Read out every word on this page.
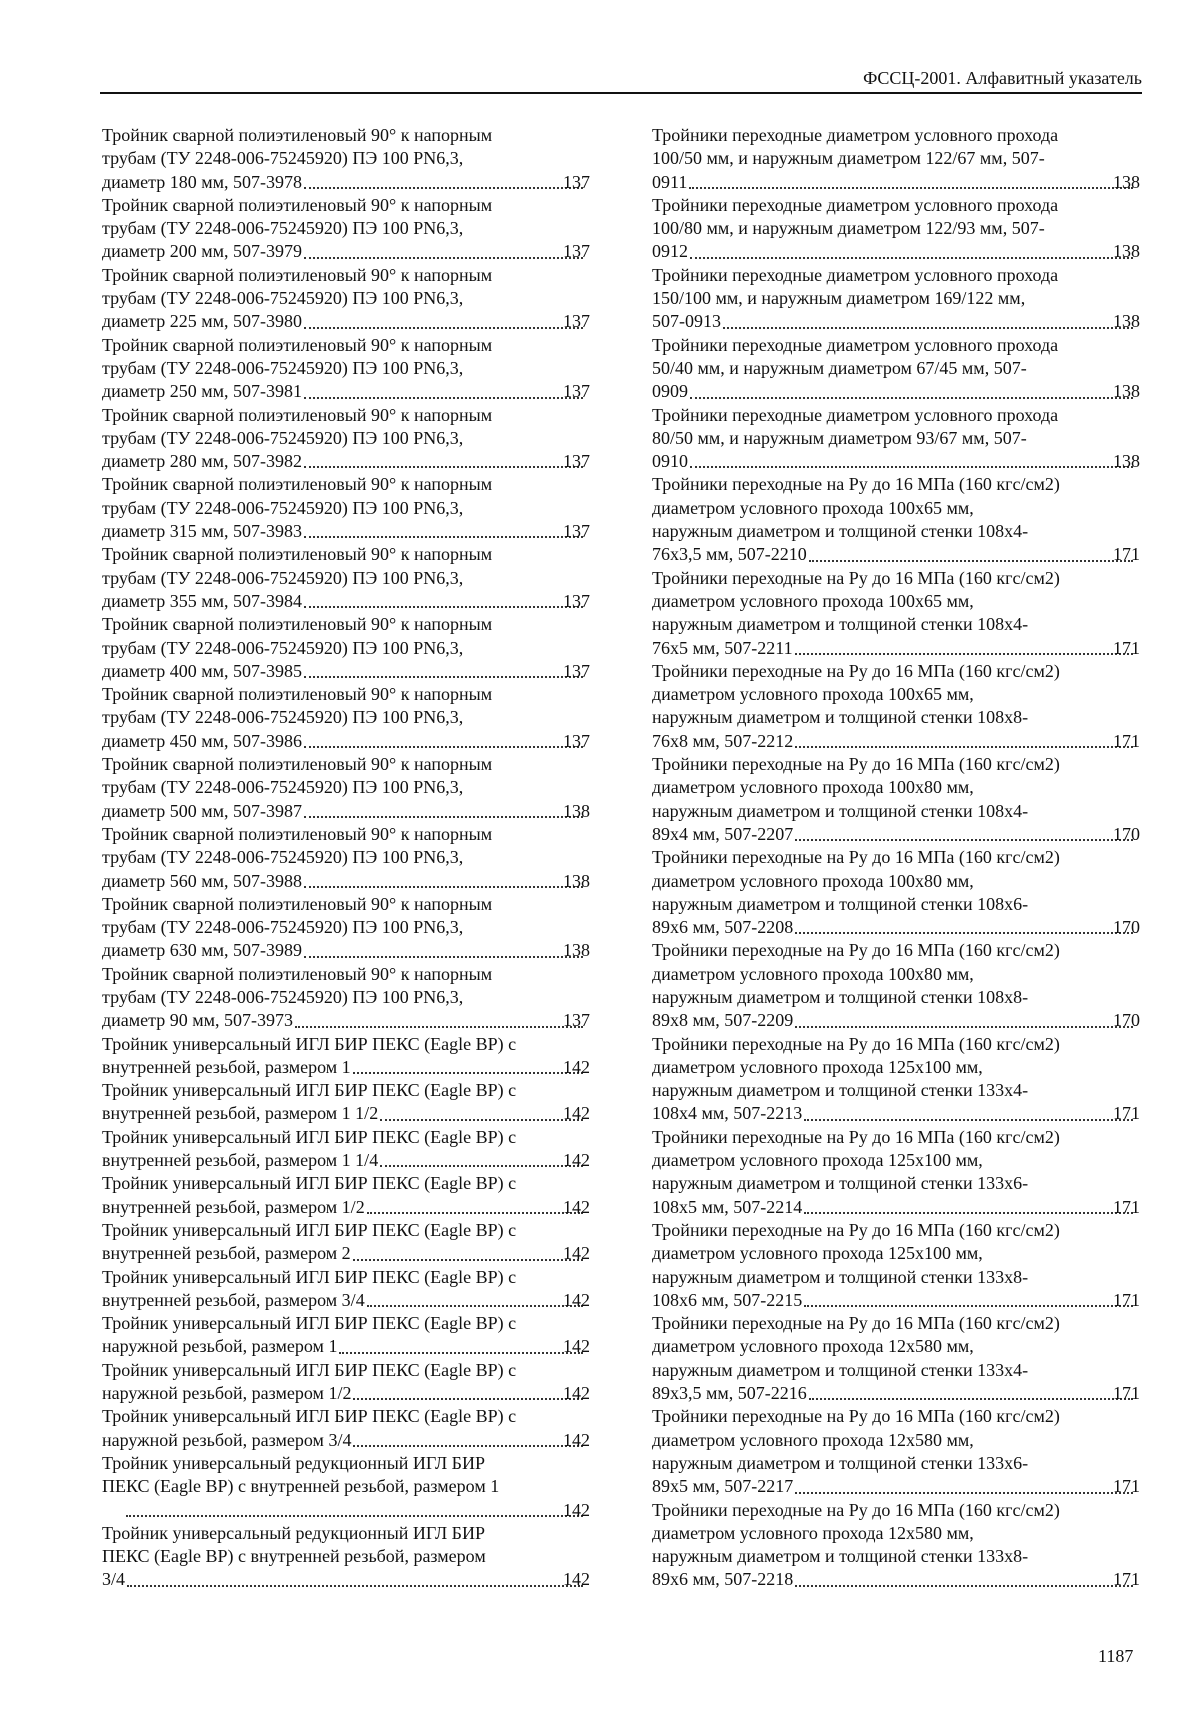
ФССЦ-2001. Алфавитный указатель
Тройник сварной полиэтиленовый 90° к напорным
трубам (ТУ 2248-006-75245920) ПЭ 100 PN6,3,
диаметр 180 мм, 507-3978	137
Тройник сварной полиэтиленовый 90° к напорным
трубам (ТУ 2248-006-75245920) ПЭ 100 PN6,3,
диаметр 200 мм, 507-3979	137
Тройник сварной полиэтиленовый 90° к напорным
трубам (ТУ 2248-006-75245920) ПЭ 100 PN6,3,
диаметр 225 мм, 507-3980	137
Тройник сварной полиэтиленовый 90° к напорным
трубам (ТУ 2248-006-75245920) ПЭ 100 PN6,3,
диаметр 250 мм, 507-3981	137
Тройник сварной полиэтиленовый 90° к напорным
трубам (ТУ 2248-006-75245920) ПЭ 100 PN6,3,
диаметр 280 мм, 507-3982	137
Тройник сварной полиэтиленовый 90° к напорным
трубам (ТУ 2248-006-75245920) ПЭ 100 PN6,3,
диаметр 315 мм, 507-3983	137
Тройник сварной полиэтиленовый 90° к напорным
трубам (ТУ 2248-006-75245920) ПЭ 100 PN6,3,
диаметр 355 мм, 507-3984	137
Тройник сварной полиэтиленовый 90° к напорным
трубам (ТУ 2248-006-75245920) ПЭ 100 PN6,3,
диаметр 400 мм, 507-3985	137
Тройник сварной полиэтиленовый 90° к напорным
трубам (ТУ 2248-006-75245920) ПЭ 100 PN6,3,
диаметр 450 мм, 507-3986	137
Тройник сварной полиэтиленовый 90° к напорным
трубам (ТУ 2248-006-75245920) ПЭ 100 PN6,3,
диаметр 500 мм, 507-3987	138
Тройник сварной полиэтиленовый 90° к напорным
трубам (ТУ 2248-006-75245920) ПЭ 100 PN6,3,
диаметр 560 мм, 507-3988	138
Тройник сварной полиэтиленовый 90° к напорным
трубам (ТУ 2248-006-75245920) ПЭ 100 PN6,3,
диаметр 630 мм, 507-3989	138
Тройник сварной полиэтиленовый 90° к напорным
трубам (ТУ 2248-006-75245920) ПЭ 100 PN6,3,
диаметр 90 мм, 507-3973	137
Тройник универсальный ИГЛ БИР ПЕКС (Eagle BP) с
внутренней резьбой, размером 1	142
Тройник универсальный ИГЛ БИР ПЕКС (Eagle BP) с
внутренней резьбой, размером 1 1/2	142
Тройник универсальный ИГЛ БИР ПЕКС (Eagle BP) с
внутренней резьбой, размером 1 1/4	142
Тройник универсальный ИГЛ БИР ПЕКС (Eagle BP) с
внутренней резьбой, размером 1/2	142
Тройник универсальный ИГЛ БИР ПЕКС (Eagle BP) с
внутренней резьбой, размером 2	142
Тройник универсальный ИГЛ БИР ПЕКС (Eagle BP) с
внутренней резьбой, размером 3/4	142
Тройник универсальный ИГЛ БИР ПЕКС (Eagle BP) с
наружной резьбой, размером 1	142
Тройник универсальный ИГЛ БИР ПЕКС (Eagle BP) с
наружной резьбой, размером 1/2	142
Тройник универсальный ИГЛ БИР ПЕКС (Eagle BP) с
наружной резьбой, размером 3/4	142
Тройник универсальный редукционный ИГЛ БИР
ПЕКС (Eagle BP) с внутренней резьбой, размером 1
142
Тройник универсальный редукционный ИГЛ БИР
ПЕКС (Eagle BP) с внутренней резьбой, размером
3/4	142
Тройники переходные диаметром условного прохода
100/50 мм, и наружным диаметром 122/67 мм, 507-
0911	138
Тройники переходные диаметром условного прохода
100/80 мм, и наружным диаметром 122/93 мм, 507-
0912	138
Тройники переходные диаметром условного прохода
150/100 мм, и наружным диаметром 169/122 мм,
507-0913	138
Тройники переходные диаметром условного прохода
50/40 мм, и наружным диаметром 67/45 мм, 507-
0909	138
Тройники переходные диаметром условного прохода
80/50 мм, и наружным диаметром 93/67 мм, 507-
0910	138
Тройники переходные на Ру до 16 МПа (160 кгс/см2)
диаметром условного прохода 100х65 мм,
наружным диаметром и толщиной стенки 108х4-
76х3,5 мм, 507-2210	171
Тройники переходные на Ру до 16 МПа (160 кгс/см2)
диаметром условного прохода 100х65 мм,
наружным диаметром и толщиной стенки 108х4-
76х5 мм, 507-2211	171
Тройники переходные на Ру до 16 МПа (160 кгс/см2)
диаметром условного прохода 100х65 мм,
наружным диаметром и толщиной стенки 108х8-
76х8 мм, 507-2212	171
Тройники переходные на Ру до 16 МПа (160 кгс/см2)
диаметром условного прохода 100х80 мм,
наружным диаметром и толщиной стенки 108х4-
89х4 мм, 507-2207	170
Тройники переходные на Ру до 16 МПа (160 кгс/см2)
диаметром условного прохода 100х80 мм,
наружным диаметром и толщиной стенки 108х6-
89х6 мм, 507-2208	170
Тройники переходные на Ру до 16 МПа (160 кгс/см2)
диаметром условного прохода 100х80 мм,
наружным диаметром и толщиной стенки 108х8-
89х8 мм, 507-2209	170
Тройники переходные на Ру до 16 МПа (160 кгс/см2)
диаметром условного прохода 125х100 мм,
наружным диаметром и толщиной стенки 133х4-
108х4 мм, 507-2213	171
Тройники переходные на Ру до 16 МПа (160 кгс/см2)
диаметром условного прохода 125х100 мм,
наружным диаметром и толщиной стенки 133х6-
108х5 мм, 507-2214	171
Тройники переходные на Ру до 16 МПа (160 кгс/см2)
диаметром условного прохода 125х100 мм,
наружным диаметром и толщиной стенки 133х8-
108х6 мм, 507-2215	171
Тройники переходные на Ру до 16 МПа (160 кгс/см2)
диаметром условного прохода 12х580 мм,
наружным диаметром и толщиной стенки 133х4-
89х3,5 мм, 507-2216	171
Тройники переходные на Ру до 16 МПа (160 кгс/см2)
диаметром условного прохода 12х580 мм,
наружным диаметром и толщиной стенки 133х6-
89х5 мм, 507-2217	171
Тройники переходные на Ру до 16 МПа (160 кгс/см2)
диаметром условного прохода 12х580 мм,
наружным диаметром и толщиной стенки 133х8-
89х6 мм, 507-2218	171
1187
